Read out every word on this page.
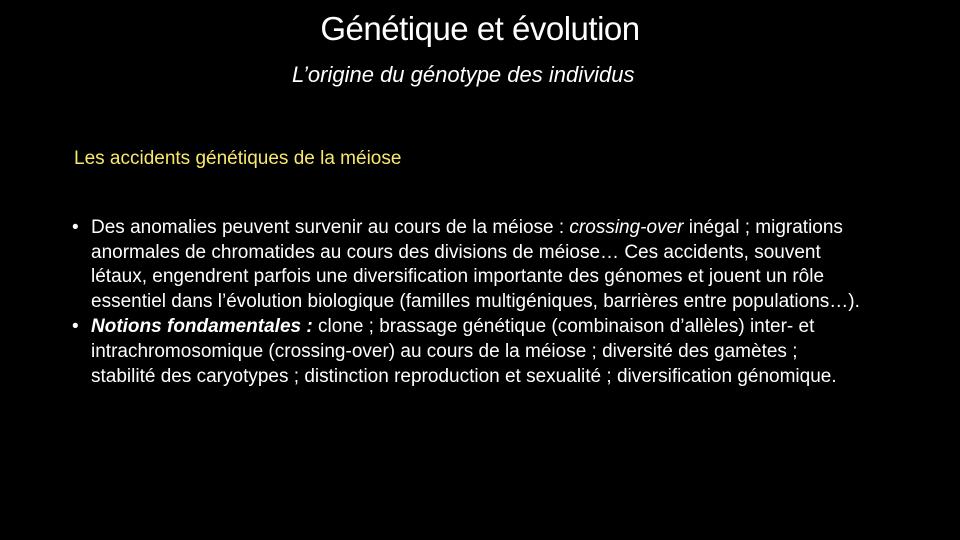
Génétique et évolution
L’origine du génotype des individus
Les accidents génétiques de la méiose
• Des anomalies peuvent survenir au cours de la méiose : crossing-over inégal ; migrations anormales de chromatides au cours des divisions de méiose… Ces accidents, souvent létaux, engendrent parfois une diversification importante des génomes et jouent un rôle essentiel dans l’évolution biologique (familles multigéniques, barrières entre populations…).
• Notions fondamentales : clone ; brassage génétique (combinaison d’allèles) inter- et intrachromosomique (crossing-over) au cours de la méiose ; diversité des gamètes ; stabilité des caryotypes ; distinction reproduction et sexualité ; diversification génomique.
